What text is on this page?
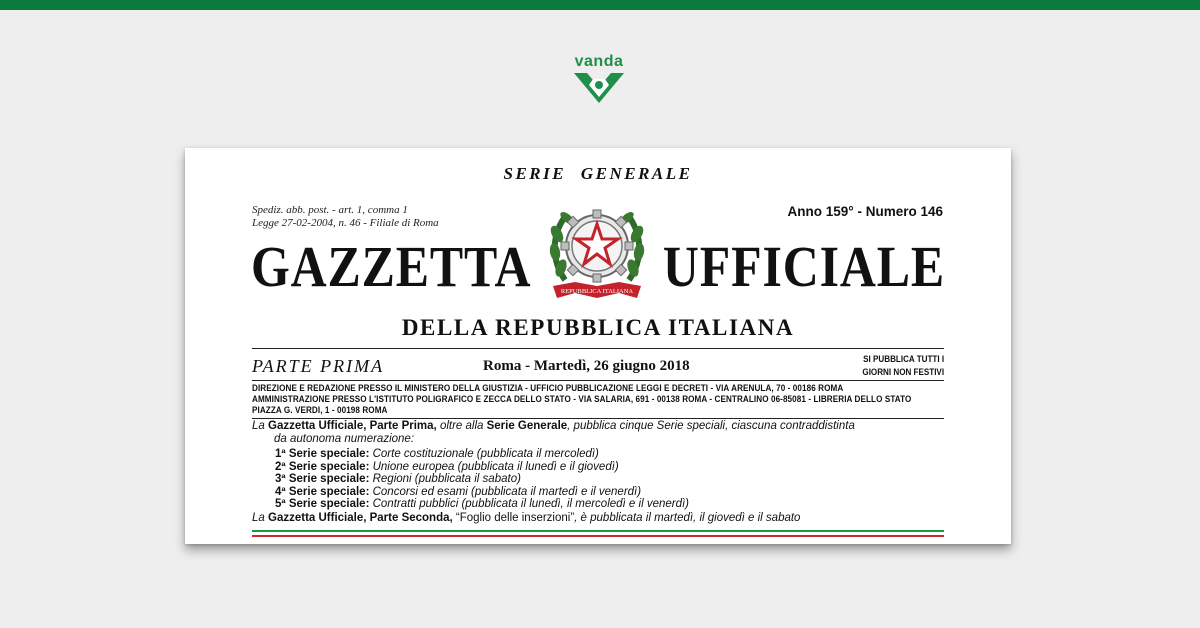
vanda
SERIE GENERALE
Spediz. abb. post. - art. 1, comma 1
Legge 27-02-2004, n. 46 - Filiale di Roma
Anno 159° - Numero 146
GAZZETTA UFFICIALE
REPUBBLICA ITALIANA
DELLA REPUBBLICA ITALIANA
PARTE PRIMA	Roma - Martedì, 26 giugno 2018	SI PUBBLICA TUTTI I
GIORNI NON FESTIVI
DIREZIONE E REDAZIONE PRESSO IL MINISTERO DELLA GIUSTIZIA - UFFICIO PUBBLICAZIONE LEGGI E DECRETI - VIA ARENULA, 70 - 00186 ROMA
AMMINISTRAZIONE PRESSO L'ISTITUTO POLIGRAFICO E ZECCA DELLO STATO - VIA SALARIA, 691 - 00138 ROMA - CENTRALINO 06-85081 - LIBRERIA DELLO STATO
PIAZZA G. VERDI, 1 - 00198 ROMA
La Gazzetta Ufficiale, Parte Prima, oltre alla Serie Generale, pubblica cinque Serie speciali, ciascuna contraddistinta
da autonoma numerazione:
1ª Serie speciale: Corte costituzionale (pubblicata il mercoledì)
2ª Serie speciale: Unione europea (pubblicata il lunedì e il giovedì)
3ª Serie speciale: Regioni (pubblicata il sabato)
4ª Serie speciale: Concorsi ed esami (pubblicata il martedì e il venerdì)
5ª Serie speciale: Contratti pubblici (pubblicata il lunedì, il mercoledì e il venerdì)
La Gazzetta Ufficiale, Parte Seconda, “Foglio delle inserzioni”, è pubblicata il martedì, il giovedì e il sabato
